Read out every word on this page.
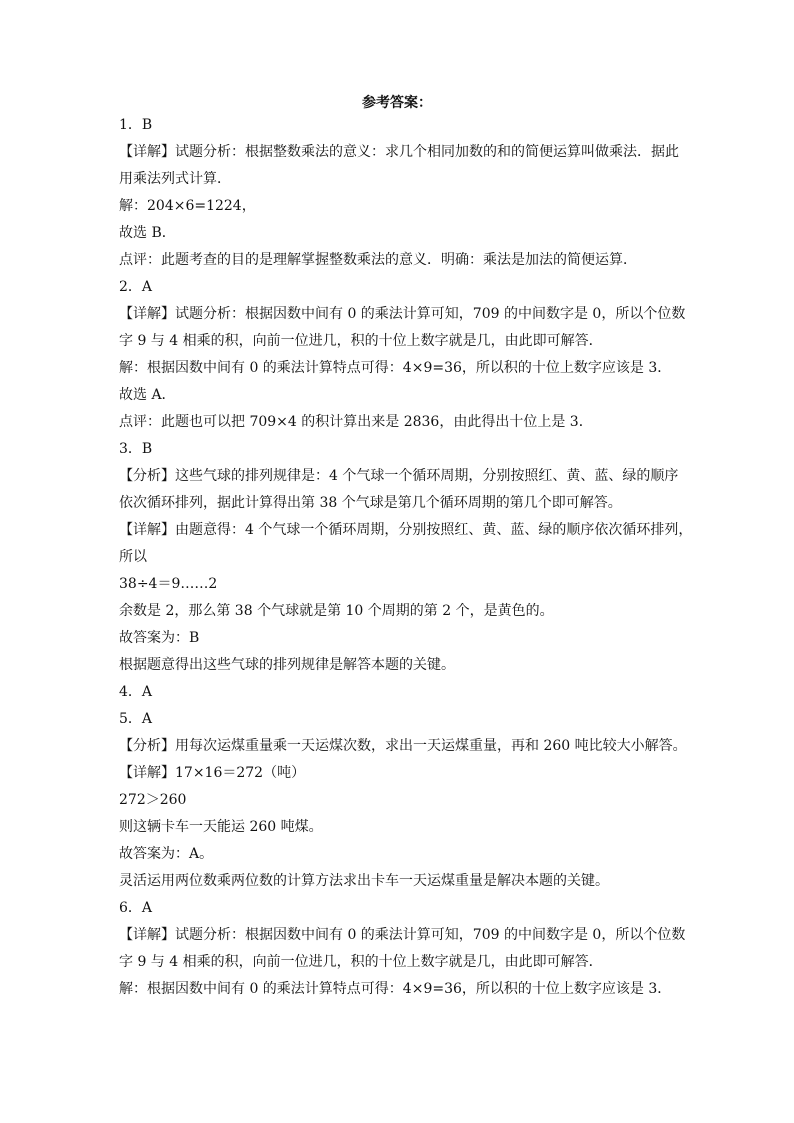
参考答案：
1．B
【详解】试题分析：根据整数乘法的意义：求几个相同加数的和的简便运算叫做乘法．据此
用乘法列式计算．
解：204×6=1224，
故选 B．
点评：此题考查的目的是理解掌握整数乘法的意义．明确：乘法是加法的简便运算．
2．A
【详解】试题分析：根据因数中间有 0 的乘法计算可知，709 的中间数字是 0，所以个位数
字 9 与 4 相乘的积，向前一位进几，积的十位上数字就是几，由此即可解答．
解：根据因数中间有 0 的乘法计算特点可得：4×9=36，所以积的十位上数字应该是 3．
故选 A．
点评：此题也可以把 709×4 的积计算出来是 2836，由此得出十位上是 3．
3．B
【分析】这些气球的排列规律是：4 个气球一个循环周期，分别按照红、黄、蓝、绿的顺序
依次循环排列，据此计算得出第 38 个气球是第几个循环周期的第几个即可解答。
【详解】由题意得：4 个气球一个循环周期，分别按照红、黄、蓝、绿的顺序依次循环排列，
所以
38÷4＝9……2
余数是 2，那么第 38 个气球就是第 10 个周期的第 2 个，是黄色的。
故答案为：B
根据题意得出这些气球的排列规律是解答本题的关键。
4．A
5．A
【分析】用每次运煤重量乘一天运煤次数，求出一天运煤重量，再和 260 吨比较大小解答。
【详解】17×16＝272（吨）
272＞260
则这辆卡车一天能运 260 吨煤。
故答案为：A。
灵活运用两位数乘两位数的计算方法求出卡车一天运煤重量是解决本题的关键。
6．A
【详解】试题分析：根据因数中间有 0 的乘法计算可知，709 的中间数字是 0，所以个位数
字 9 与 4 相乘的积，向前一位进几，积的十位上数字就是几，由此即可解答．
解：根据因数中间有 0 的乘法计算特点可得：4×9=36，所以积的十位上数字应该是 3．
